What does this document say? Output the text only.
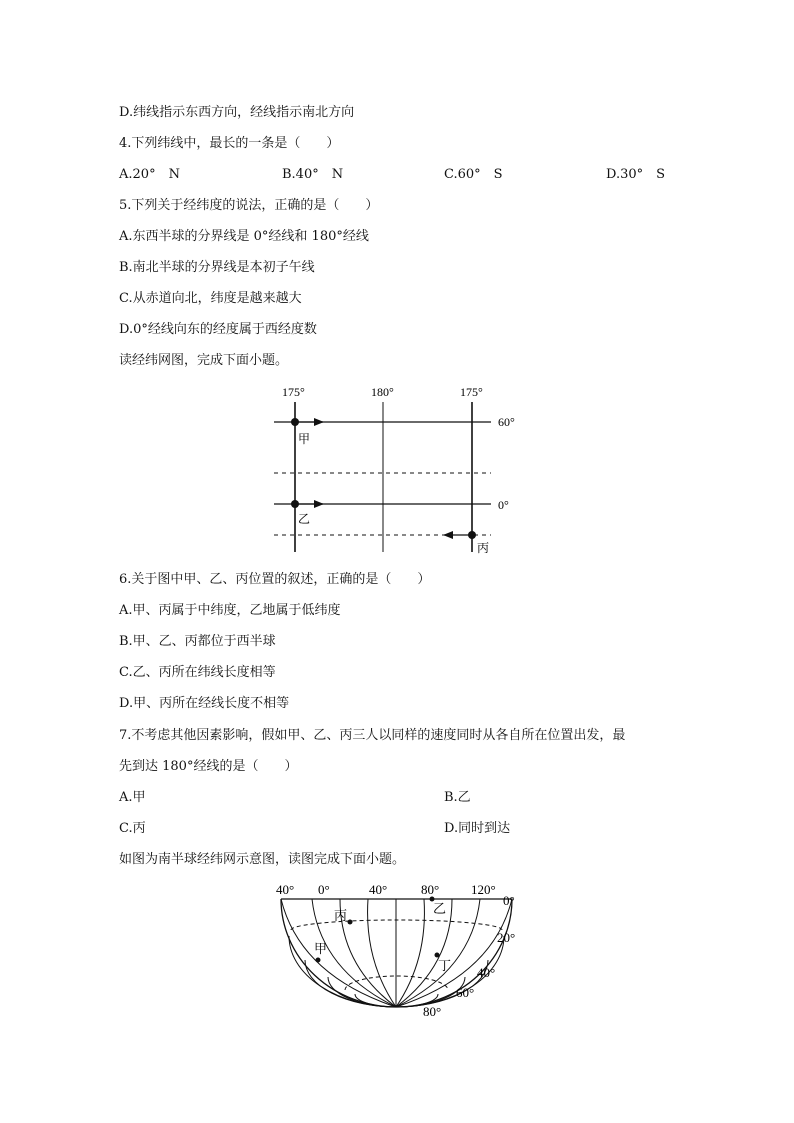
D.纬线指示东西方向，经线指示南北方向
4.下列纬线中，最长的一条是（　　）
A.20°　N	B.40°　N	C.60°　S	D.30°　S
5.下列关于经纬度的说法，正确的是（　　）
A.东西半球的分界线是 0°经线和 180°经线
B.南北半球的分界线是本初子午线
C.从赤道向北，纬度是越来越大
D.0°经线向东的经度属于西经度数
读经纬网图，完成下面小题。
175°	180°	175°
60°
0°
甲
乙
丙
6.关于图中甲、乙、丙位置的叙述，正确的是（　　）
A.甲、丙属于中纬度，乙地属于低纬度
B.甲、乙、丙都位于西半球
C.乙、丙所在纬线长度相等
D.甲、丙所在经线长度不相等
7.不考虑其他因素影响，假如甲、乙、丙三人以同样的速度同时从各自所在位置出发，最
先到达 180°经线的是（　　）
A.甲	B.乙
C.丙	D.同时到达
如图为南半球经纬网示意图，读图完成下面小题。
40° 0°	40°	80° 120°
0°
20°
40°
60°
80°
丙	乙
甲
丁
